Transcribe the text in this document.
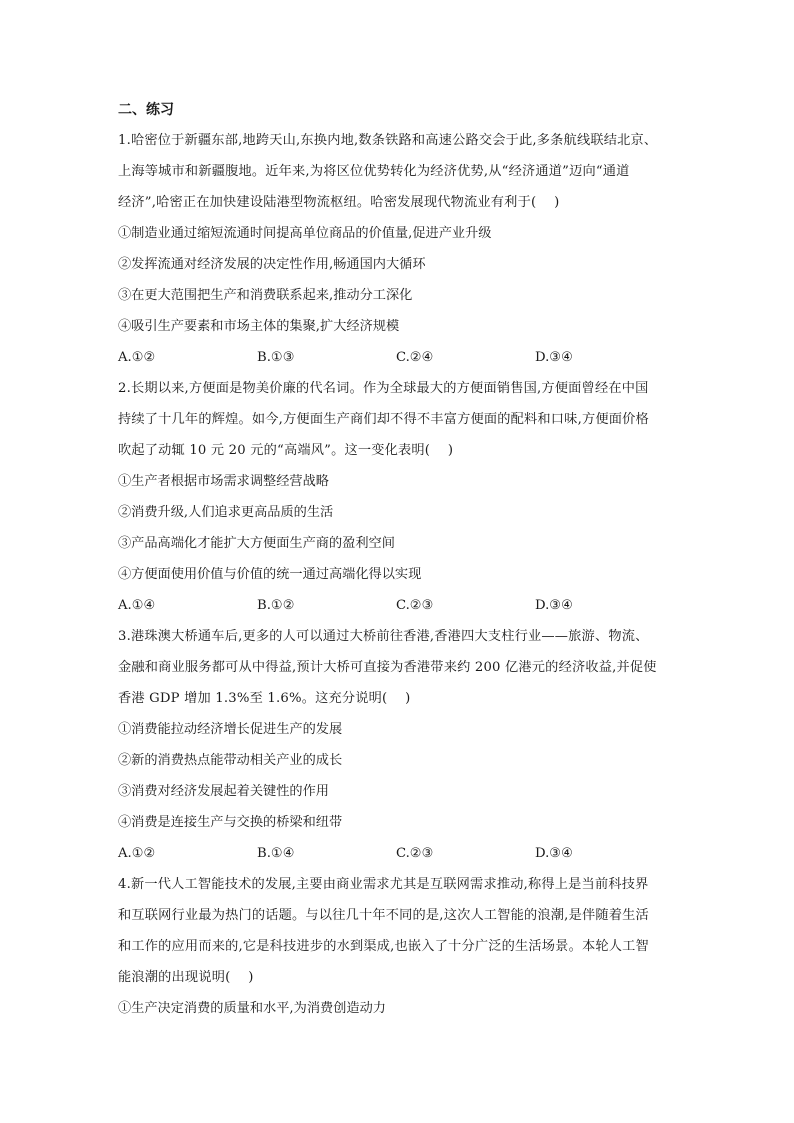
二、练习
1.哈密位于新疆东部,地跨天山,东换内地,数条铁路和高速公路交会于此,多条航线联结北京、
上海等城市和新疆腹地。近年来,为将区位优势转化为经济优势,从“经济通道”迈向“通道
经济”,哈密正在加快建设陆港型物流枢纽。哈密发展现代物流业有利于(　 )
①制造业通过缩短流通时间提高单位商品的价值量,促进产业升级
②发挥流通对经济发展的决定性作用,畅通国内大循环
③在更大范围把生产和消费联系起来,推动分工深化
④吸引生产要素和市场主体的集聚,扩大经济规模
A.①②	B.①③	C.②④	D.③④
2.长期以来,方便面是物美价廉的代名词。作为全球最大的方便面销售国,方便面曾经在中国
持续了十几年的辉煌。如今,方便面生产商们却不得不丰富方便面的配料和口味,方便面价格
吹起了动辄 10 元 20 元的“高端风”。这一变化表明(　 )
①生产者根据市场需求调整经营战略
②消费升级,人们追求更高品质的生活
③产品高端化才能扩大方便面生产商的盈利空间
④方便面使用价值与价值的统一通过高端化得以实现
A.①④	B.①②	C.②③	D.③④
3.港珠澳大桥通车后,更多的人可以通过大桥前往香港,香港四大支柱行业——旅游、物流、
金融和商业服务都可从中得益,预计大桥可直接为香港带来约 200 亿港元的经济收益,并促使
香港 GDP 增加 1.3%至 1.6%。这充分说明(　 )
①消费能拉动经济增长促进生产的发展
②新的消费热点能带动相关产业的成长
③消费对经济发展起着关键性的作用
④消费是连接生产与交换的桥梁和纽带
A.①②	B.①④	C.②③	D.③④
4.新一代人工智能技术的发展,主要由商业需求尤其是互联网需求推动,称得上是当前科技界
和互联网行业最为热门的话题。与以往几十年不同的是,这次人工智能的浪潮,是伴随着生活
和工作的应用而来的,它是科技进步的水到渠成,也嵌入了十分广泛的生活场景。本轮人工智
能浪潮的出现说明(　 )
①生产决定消费的质量和水平,为消费创造动力
